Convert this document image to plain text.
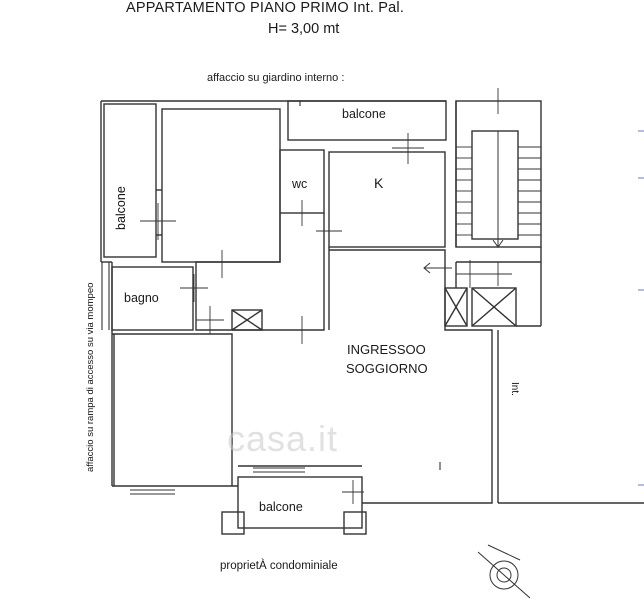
APPARTAMENTO PIANO PRIMO Int. Pal.
H= 3,00 mt
affaccio su giardino interno :
balcone
balcone
wc	K
bagno
INGRESSOO
SOGGIORNO
balcone
affaccio su rampa di accesso su via mompeo	Int.
proprietÀ condominiale
casa.it
